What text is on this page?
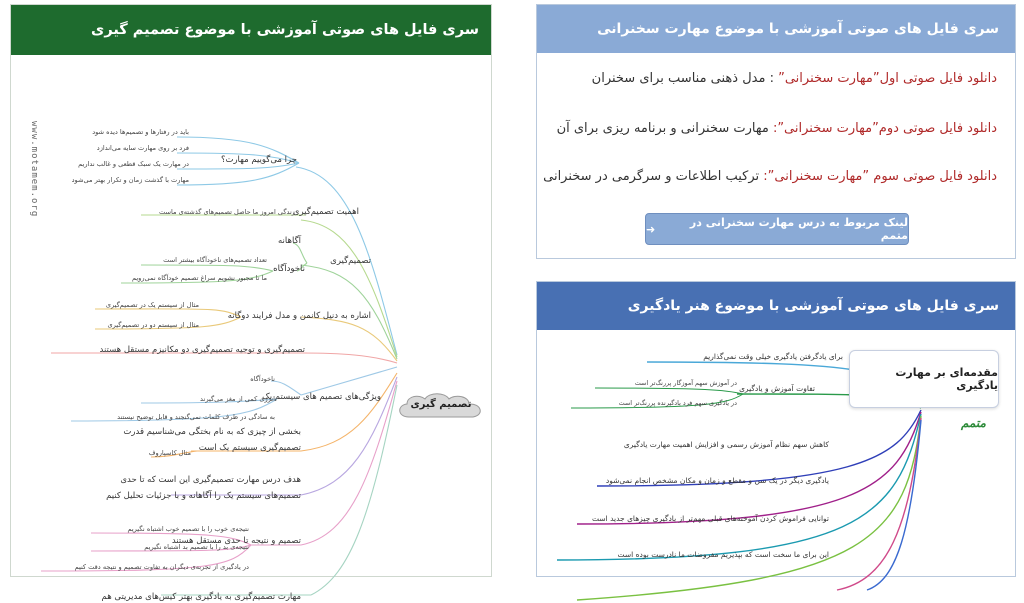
سری فایل های صوتی آموزشی با موضوع تصمیم گیری
www.motamem.org
تصمیم گیری
چرا می‌گوییم مهارت؟
باید در رفتارها و تصمیم‌ها دیده شود
فرد بر روی مهارت سایه می‌اندازد
در مهارت یک سبک قطعی و غالب نداریم
مهارت با گذشت زمان و تکرار بهتر می‌شود
اهمیت تصمیم‌گیری
زندگی امروز ما حاصل تصمیم‌های گذشته‌ی ماست
تصمیم‌گیری
آگاهانه
ناخودآگاه
تعداد تصمیم‌های ناخودآگاه بیشتر است
ما تا مجبور نشویم سراغ تصمیم خودآگاه نمی‌رویم
اشاره به دنیل کانمن و مدل فرایند دوگانه
مثال از سیستم یک در تصمیم‌گیری
مثال از سیستم دو در تصمیم‌گیری
تصمیم‌گیری و توجیه تصمیم‌گیری دو مکانیزم مستقل هستند
ویژگی‌های تصمیم های سیستم یک
ناخودآگاه
انرژی کمی از مغز می‌گیرند
به سادگی در ظرف کلمات نمی‌گنجند و قابل توضیح نیستند
بخشی از چیزی که به نام بختگی می‌شناسیم قدرت
تصمیم‌گیری سیستم یک است
مثال کاسپاروف
هدف درس مهارت تصمیم‌گیری این است که تا حدی
تصمیم‌های سیستم یک را آگاهانه و با جزئیات تحلیل کنیم
تصمیم و نتیجه تا حدی مستقل هستند
نتیجه‌ی خوب را با تصمیم خوب اشتباه نگیریم
نتیجه‌ی بد را با تصمیم بد اشتباه نگیریم
در یادگیری از تجربه‌ی دیگران به تفاوت تصمیم و نتیجه دقت کنیم
مهارت تصمیم‌گیری به یادگیری بهتر کیس‌های مدیریتی هم
سری فایل های صوتی آموزشی با موضوع مهارت سخنرانی
دانلود فایل صوتی اول”مهارت سخنرانی” : مدل ذهنی مناسب برای سخنران
دانلود فایل صوتی دوم”مهارت سخنرانی”: مهارت سخنرانی و برنامه ریزی برای آن
دانلود فایل صوتی سوم ”مهارت سخنرانی”: ترکیب اطلاعات و سرگرمی در سخنرانی
لینک مربوط به درس مهارت سخنرانی در متمم
➜
سری فایل های صوتی آموزشی با موضوع هنر یادگیری
مقدمه‌ای بر مهارت یادگیری
متمم
برای یادگرفتن یادگیری خیلی وقت نمی‌گذاریم
تفاوت آموزش و یادگیری
در آموزش سهم آموزگار پررنگ‌تر است
در یادگیری سهم فرد یادگیرنده پررنگ‌تر است
کاهش سهم نظام آموزش رسمی و افزایش اهمیت مهارت یادگیری
یادگیری دیگر در یک سن و مقطع و زمان و مکان مشخص انجام نمی‌شود
توانایی فراموش کردن آموخته‌های قبلی مهم‌تر از یادگیری چیزهای جدید است
این برای ما سخت است که بپذیریم مفروضات ما نادرست بوده است
